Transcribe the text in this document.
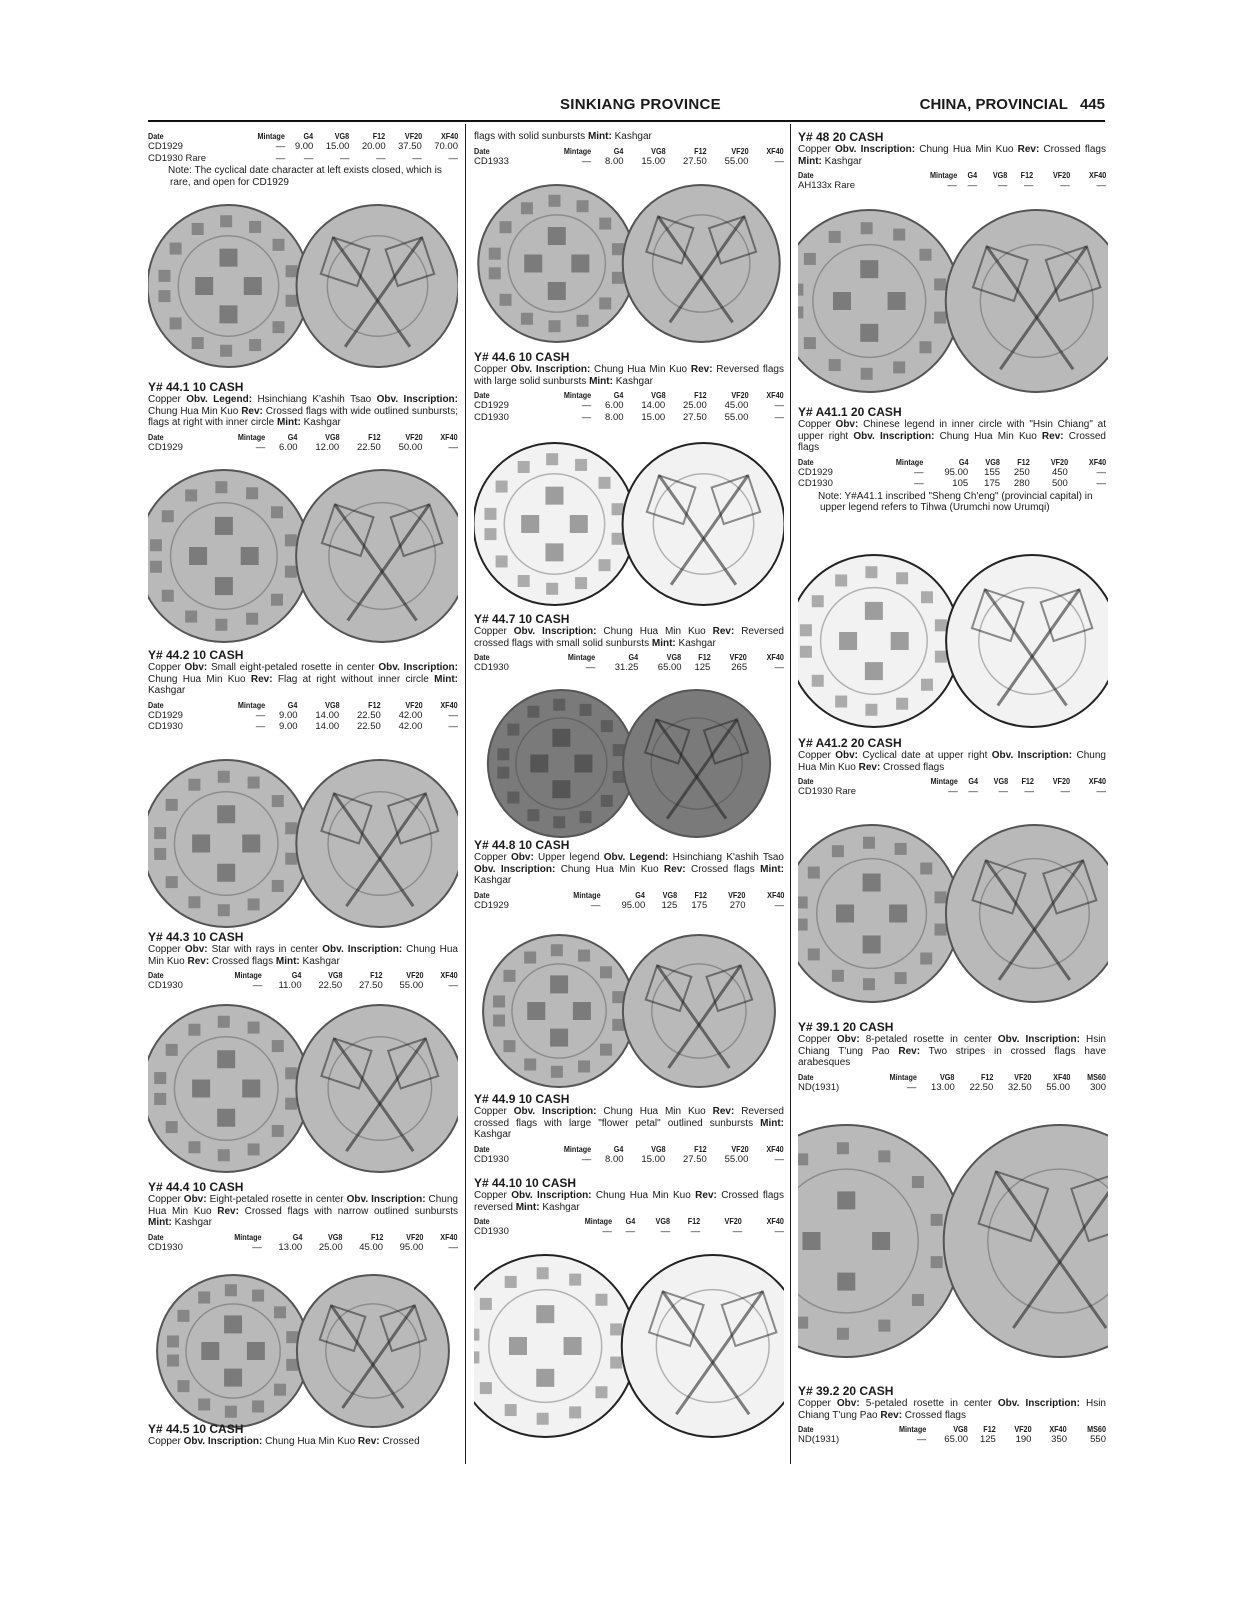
SINKIANG PROVINCE	CHINA, PROVINCIAL 445
Date	Mintage	G4	VG8	F12	VF20	XF40
CD1929	—	9.00	15.00	20.00	37.50	70.00
CD1930 Rare	—	—	—	—	—	—
Note: The cyclical date character at left exists closed, which is rare, and open for CD1929
Y# 44.1 10 CASH
Copper Obv. Legend: Hsinchiang K'ashih Tsao Obv. Inscription: Chung Hua Min Kuo Rev: Crossed flags with wide outlined sunbursts; flags at right with inner circle Mint: Kashgar
Date	Mintage	G4	VG8	F12	VF20	XF40
CD1929	—	6.00	12.00	22.50	50.00	—
Y# 44.2 10 CASH
Copper Obv: Small eight-petaled rosette in center Obv. Inscription: Chung Hua Min Kuo Rev: Flag at right without inner circle Mint: Kashgar
Date	Mintage	G4	VG8	F12	VF20	XF40
CD1929	—	9.00	14.00	22.50	42.00	—
CD1930	—	9.00	14.00	22.50	42.00	—
Y# 44.3 10 CASH
Copper Obv: Star with rays in center Obv. Inscription: Chung Hua Min Kuo Rev: Crossed flags Mint: Kashgar
Date	Mintage	G4	VG8	F12	VF20	XF40
CD1930	—	11.00	22.50	27.50	55.00	—
Y# 44.4 10 CASH
Copper Obv: Eight-petaled rosette in center Obv. Inscription: Chung Hua Min Kuo Rev: Crossed flags with narrow outlined sunbursts Mint: Kashgar
Date	Mintage	G4	VG8	F12	VF20	XF40
CD1930	—	13.00	25.00	45.00	95.00	—
Y# 44.5 10 CASH
Copper Obv. Inscription: Chung Hua Min Kuo Rev: Crossed
flags with solid sunbursts Mint: Kashgar
Date	Mintage	G4	VG8	F12	VF20	XF40
CD1933	—	8.00	15.00	27.50	55.00	—
Y# 44.6 10 CASH
Copper Obv. Inscription: Chung Hua Min Kuo Rev: Reversed flags with large solid sunbursts Mint: Kashgar
Date	Mintage	G4	VG8	F12	VF20	XF40
CD1929	—	6.00	14.00	25.00	45.00	—
CD1930	—	8.00	15.00	27.50	55.00	—
Y# 44.7 10 CASH
Copper Obv. Inscription: Chung Hua Min Kuo Rev: Reversed crossed flags with small solid sunbursts Mint: Kashgar
Date	Mintage	G4	VG8	F12	VF20	XF40
CD1930	—	31.25	65.00	125	265	—
Y# 44.8 10 CASH
Copper Obv: Upper legend Obv. Legend: Hsinchiang K'ashih Tsao Obv. Inscription: Chung Hua Min Kuo Rev: Crossed flags Mint: Kashgar
Date	Mintage	G4	VG8	F12	VF20	XF40
CD1929	—	95.00	125	175	270	—
Y# 44.9 10 CASH
Copper Obv. Inscription: Chung Hua Min Kuo Rev: Reversed crossed flags with large "flower petal" outlined sunbursts Mint: Kashgar
Date	Mintage	G4	VG8	F12	VF20	XF40
CD1930	—	8.00	15.00	27.50	55.00	—
Y# 44.10 10 CASH
Copper Obv. Inscription: Chung Hua Min Kuo Rev: Crossed flags reversed Mint: Kashgar
Date	Mintage	G4	VG8	F12	VF20	XF40
CD1930	—	—	—	—	—	—
Y# 48 20 CASH
Copper Obv. Inscription: Chung Hua Min Kuo Rev: Crossed flags Mint: Kashgar
Date	Mintage	G4	VG8	F12	VF20	XF40
AH133x Rare	—	—	—	—	—	—
Y# A41.1 20 CASH
Copper Obv: Chinese legend in inner circle with "Hsin Chiang" at upper right Obv. Inscription: Chung Hua Min Kuo Rev: Crossed flags
Date	Mintage	G4	VG8	F12	VF20	XF40
CD1929	—	95.00	155	250	450	—
CD1930	—	105	175	280	500	—
Note: Y#A41.1 inscribed "Sheng Ch'eng" (provincial capital) in upper legend refers to Tihwa (Urumchi now Urumqi)
Y# A41.2 20 CASH
Copper Obv: Cyclical date at upper right Obv. Inscription: Chung Hua Min Kuo Rev: Crossed flags
Date	Mintage	G4	VG8	F12	VF20	XF40
CD1930 Rare	—	—	—	—	—	—
Y# 39.1 20 CASH
Copper Obv: 8-petaled rosette in center Obv. Inscription: Hsin Chiang T'ung Pao Rev: Two stripes in crossed flags have arabesques
Date	Mintage	VG8	F12	VF20	XF40	MS60
ND(1931)	—	13.00	22.50	32.50	55.00	300
Y# 39.2 20 CASH
Copper Obv: 5-petaled rosette in center Obv. Inscription: Hsin Chiang T'ung Pao Rev: Crossed flags
Date	Mintage	VG8	F12	VF20	XF40	MS60
ND(1931)	—	65.00	125	190	350	550
